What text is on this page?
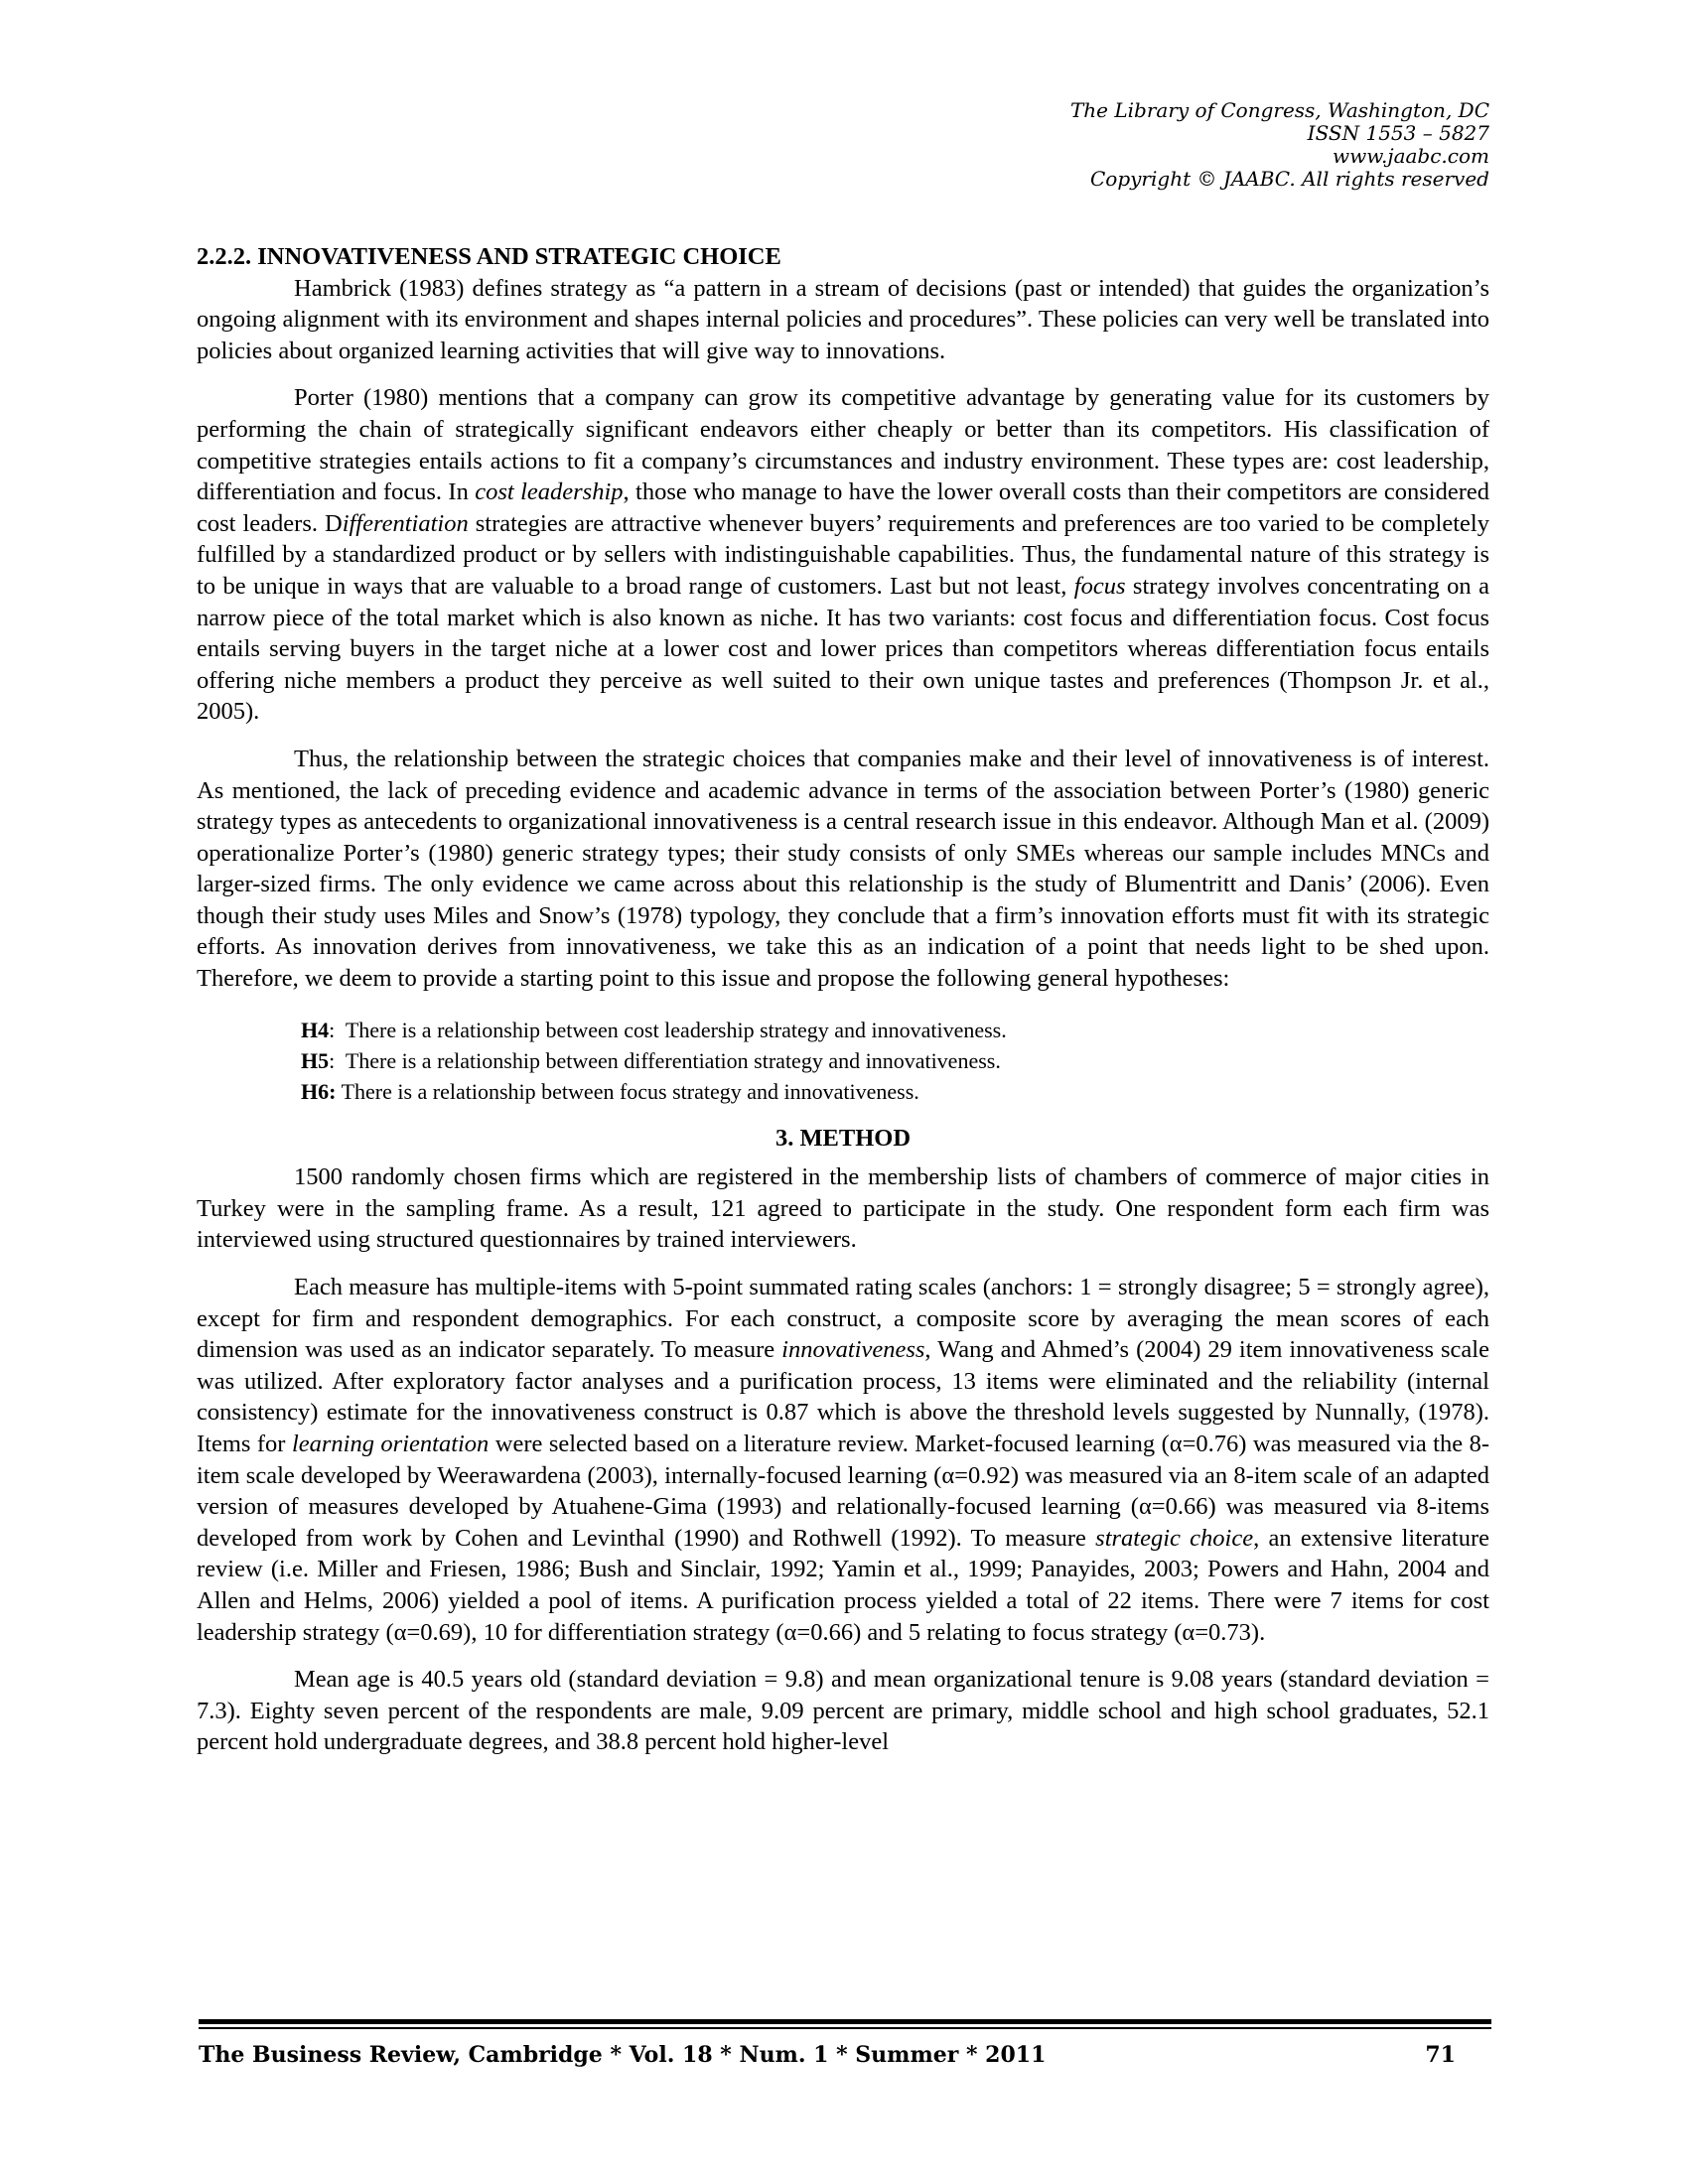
The Library of Congress, Washington, DC
ISSN 1553 – 5827
www.jaabc.com
Copyright © JAABC. All rights reserved
2.2.2. INNOVATIVENESS AND STRATEGIC CHOICE

Hambrick (1983) defines strategy as “a pattern in a stream of decisions (past or intended) that guides the organization’s ongoing alignment with its environment and shapes internal policies and procedures”. These policies can very well be translated into policies about organized learning activities that will give way to innovations.

Porter (1980) mentions that a company can grow its competitive advantage by generating value for its customers by performing the chain of strategically significant endeavors either cheaply or better than its competitors. His classification of competitive strategies entails actions to fit a company’s circumstances and industry environment. These types are: cost leadership, differentiation and focus. In cost leadership, those who manage to have the lower overall costs than their competitors are considered cost leaders. Differentiation strategies are attractive whenever buyers’ requirements and preferences are too varied to be completely fulfilled by a standardized product or by sellers with indistinguishable capabilities. Thus, the fundamental nature of this strategy is to be unique in ways that are valuable to a broad range of customers. Last but not least, focus strategy involves concentrating on a narrow piece of the total market which is also known as niche. It has two variants: cost focus and differentiation focus. Cost focus entails serving buyers in the target niche at a lower cost and lower prices than competitors whereas differentiation focus entails offering niche members a product they perceive as well suited to their own unique tastes and preferences (Thompson Jr. et al., 2005).

Thus, the relationship between the strategic choices that companies make and their level of innovativeness is of interest. As mentioned, the lack of preceding evidence and academic advance in terms of the association between Porter’s (1980) generic strategy types as antecedents to organizational innovativeness is a central research issue in this endeavor. Although Man et al. (2009) operationalize Porter’s (1980) generic strategy types; their study consists of only SMEs whereas our sample includes MNCs and larger-sized firms. The only evidence we came across about this relationship is the study of Blumentritt and Danis’ (2006). Even though their study uses Miles and Snow’s (1978) typology, they conclude that a firm’s innovation efforts must fit with its strategic efforts. As innovation derives from innovativeness, we take this as an indication of a point that needs light to be shed upon. Therefore, we deem to provide a starting point to this issue and propose the following general hypotheses:

H4:  There is a relationship between cost leadership strategy and innovativeness.
H5:  There is a relationship between differentiation strategy and innovativeness.
H6: There is a relationship between focus strategy and innovativeness.
3. METHOD

1500 randomly chosen firms which are registered in the membership lists of chambers of commerce of major cities in Turkey were in the sampling frame. As a result, 121 agreed to participate in the study. One respondent form each firm was interviewed using structured questionnaires by trained interviewers.

Each measure has multiple-items with 5-point summated rating scales (anchors: 1 = strongly disagree; 5 = strongly agree), except for firm and respondent demographics. For each construct, a composite score by averaging the mean scores of each dimension was used as an indicator separately. To measure innovativeness, Wang and Ahmed’s (2004) 29 item innovativeness scale was utilized. After exploratory factor analyses and a purification process, 13 items were eliminated and the reliability (internal consistency) estimate for the innovativeness construct is 0.87 which is above the threshold levels suggested by Nunnally, (1978). Items for learning orientation were selected based on a literature review. Market-focused learning (α=0.76) was measured via the 8-item scale developed by Weerawardena (2003), internally-focused learning (α=0.92) was measured via an 8-item scale of an adapted version of measures developed by Atuahene-Gima (1993) and relationally-focused learning (α=0.66) was measured via 8-items developed from work by Cohen and Levinthal (1990) and Rothwell (1992). To measure strategic choice, an extensive literature review (i.e. Miller and Friesen, 1986; Bush and Sinclair, 1992; Yamin et al., 1999; Panayides, 2003; Powers and Hahn, 2004 and Allen and Helms, 2006) yielded a pool of items. A purification process yielded a total of 22 items. There were 7 items for cost leadership strategy (α=0.69), 10 for differentiation strategy (α=0.66) and 5 relating to focus strategy (α=0.73).

Mean age is 40.5 years old (standard deviation = 9.8) and mean organizational tenure is 9.08 years (standard deviation = 7.3). Eighty seven percent of the respondents are male, 9.09 percent are primary, middle school and high school graduates, 52.1 percent hold undergraduate degrees, and 38.8 percent hold higher-level

The Business Review, Cambridge * Vol. 18 * Num. 1 * Summer * 2011	71
